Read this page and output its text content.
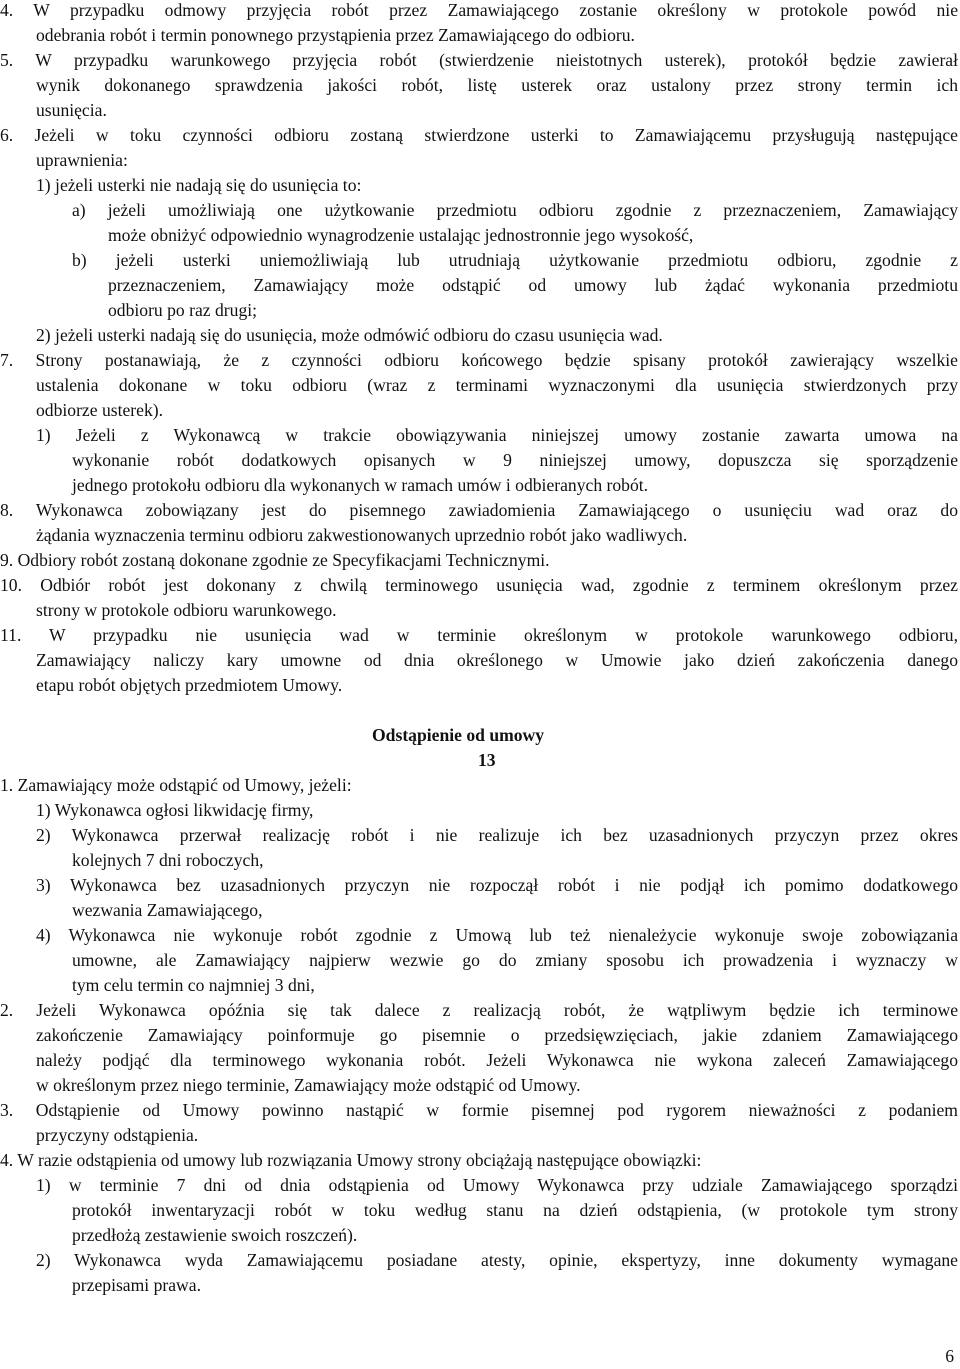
4. W przypadku odmowy przyjęcia robót przez Zamawiającego zostanie określony w protokole powód nie
odebrania robót i termin ponownego przystąpienia przez Zamawiającego do odbioru.
5. W przypadku warunkowego przyjęcia robót (stwierdzenie nieistotnych usterek), protokół będzie zawierał
wynik dokonanego sprawdzenia jakości robót, listę usterek oraz ustalony przez strony termin ich
usunięcia.
6. Jeżeli w toku czynności odbioru zostaną stwierdzone usterki to Zamawiającemu przysługują następujące
uprawnienia:
1) jeżeli usterki nie nadają się do usunięcia to:
a) jeżeli umożliwiają one użytkowanie przedmiotu odbioru zgodnie z przeznaczeniem, Zamawiający
może obniżyć odpowiednio wynagrodzenie ustalając jednostronnie jego wysokość,
b) jeżeli usterki uniemożliwiają lub utrudniają użytkowanie przedmiotu odbioru, zgodnie z
przeznaczeniem, Zamawiający może odstąpić od umowy lub żądać wykonania przedmiotu
odbioru po raz drugi;
2) jeżeli usterki nadają się do usunięcia, może odmówić odbioru do czasu usunięcia wad.
7. Strony postanawiają, że z czynności odbioru końcowego będzie spisany protokół zawierający wszelkie
ustalenia dokonane w toku odbioru (wraz z terminami wyznaczonymi dla usunięcia stwierdzonych przy
odbiorze usterek).
1) Jeżeli z Wykonawcą w trakcie obowiązywania niniejszej umowy zostanie zawarta umowa na
wykonanie robót dodatkowych opisanych w 9 niniejszej umowy, dopuszcza się sporządzenie
jednego protokołu odbioru dla wykonanych w ramach umów i odbieranych robót.
8. Wykonawca zobowiązany jest do pisemnego zawiadomienia Zamawiającego o usunięciu wad oraz do
żądania wyznaczenia terminu odbioru zakwestionowanych uprzednio robót jako wadliwych.
9. Odbiory robót zostaną dokonane zgodnie ze Specyfikacjami Technicznymi.
10. Odbiór robót jest dokonany z chwilą terminowego usunięcia wad, zgodnie z terminem określonym przez
strony w protokole odbioru warunkowego.
11. W przypadku nie usunięcia wad w terminie określonym w protokole warunkowego odbioru,
Zamawiający naliczy kary umowne od dnia określonego w Umowie jako dzień zakończenia danego
etapu robót objętych przedmiotem Umowy.
Odstąpienie od umowy
13
1. Zamawiający może odstąpić od Umowy, jeżeli:
1) Wykonawca ogłosi likwidację firmy,
2) Wykonawca przerwał realizację robót i nie realizuje ich bez uzasadnionych przyczyn przez okres
kolejnych 7 dni roboczych,
3) Wykonawca bez uzasadnionych przyczyn nie rozpoczął robót i nie podjął ich pomimo dodatkowego
wezwania Zamawiającego,
4) Wykonawca nie wykonuje robót zgodnie z Umową lub też nienależycie wykonuje swoje zobowiązania
umowne, ale Zamawiający najpierw wezwie go do zmiany sposobu ich prowadzenia i wyznaczy w
tym celu termin co najmniej 3 dni,
2. Jeżeli Wykonawca opóźnia się tak dalece z realizacją robót, że wątpliwym będzie ich terminowe
zakończenie Zamawiający poinformuje go pisemnie o przedsięwzięciach, jakie zdaniem Zamawiającego
należy podjąć dla terminowego wykonania robót. Jeżeli Wykonawca nie wykona zaleceń Zamawiającego
w określonym przez niego terminie, Zamawiający może odstąpić od Umowy.
3. Odstąpienie od Umowy powinno nastąpić w formie pisemnej pod rygorem nieważności z podaniem
przyczyny odstąpienia.
4. W razie odstąpienia od umowy lub rozwiązania Umowy strony obciążają następujące obowiązki:
1) w terminie 7 dni od dnia odstąpienia od Umowy Wykonawca przy udziale Zamawiającego sporządzi
protokół inwentaryzacji robót w toku według stanu na dzień odstąpienia, (w protokole tym strony
przedłożą zestawienie swoich roszczeń).
2) Wykonawca wyda Zamawiającemu posiadane atesty, opinie, ekspertyzy, inne dokumenty wymagane
przepisami prawa.
6
